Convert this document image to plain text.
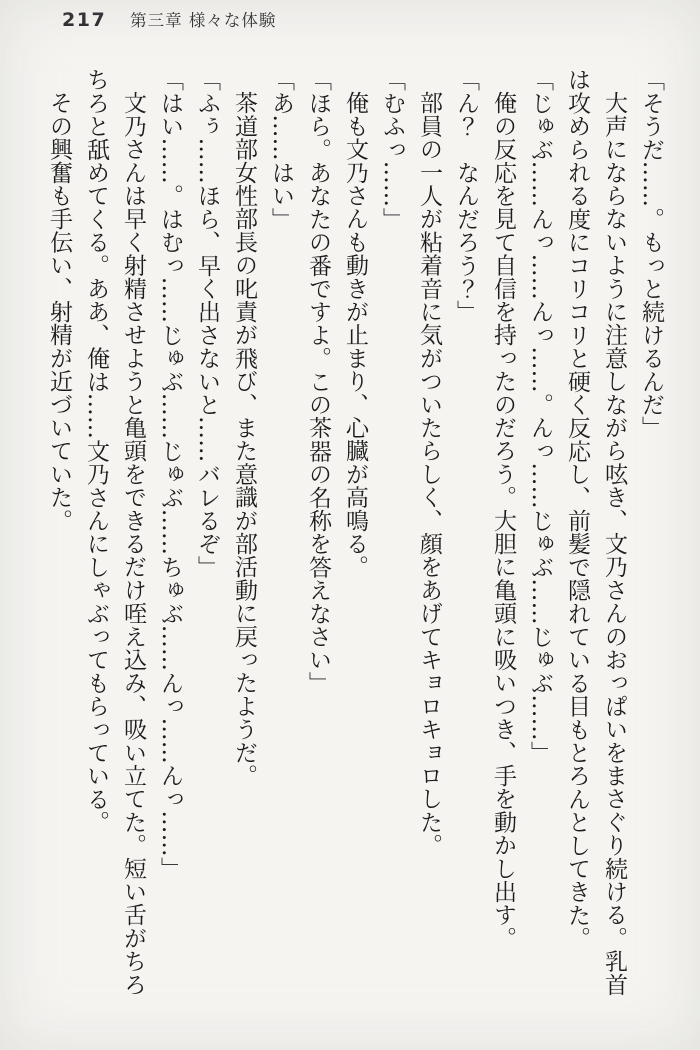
217 第三章 様々な体験

「そうだ……。もっと続けるんだ」

大声にならないように注意しながら呟き、文乃さんのおっぱいをまさぐり続ける。乳首は攻められる度にコリコリと硬く反応し、前髪で隠れている目もとろんとしてきた。

「じゅぶ……んっ……んっ……。んっ……じゅぶ……じゅぶ……」

俺の反応を見て自信を持ったのだろう。大胆に亀頭に吸いつき、手を動かし出す。

「ん？　なんだろう？」

部員の一人が粘着音に気がついたらしく、顔をあげてキョロキョロした。

「むふっ……」

俺も文乃さんも動きが止まり、心臓が高鳴る。

「ほら。あなたの番ですよ。この茶器の名称を答えなさい」

「あ……はい」

茶道部女性部長の叱責が飛び、また意識が部活動に戻ったようだ。

「ふぅ……ほら、早く出さないと……バレるぞ」

「はい……。はむっ……じゅぶ……じゅぶ……ちゅぶ……んっ……んっ……」

文乃さんは早く射精させようと亀頭をできるだけ咥え込み、吸い立てた。短い舌がちろちろと舐めてくる。ああ、俺は……文乃さんにしゃぶってもらっている。

その興奮も手伝い、射精が近づいていた。
